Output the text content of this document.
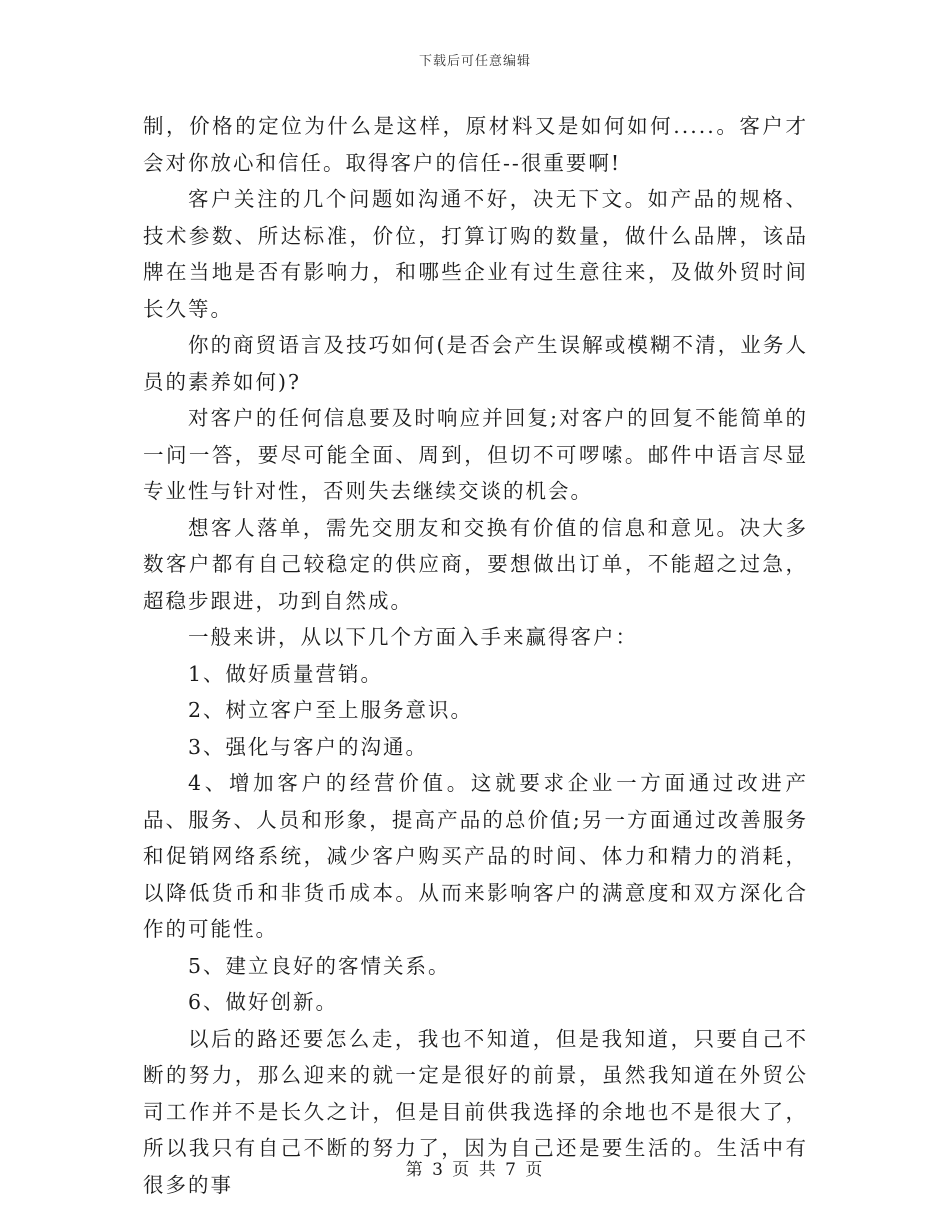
下载后可任意编辑

制，价格的定位为什么是这样，原材料又是如何如何.....。客户才会对你放心和信任。取得客户的信任--很重要啊!

客户关注的几个问题如沟通不好，决无下文。如产品的规格、技术参数、所达标准，价位，打算订购的数量，做什么品牌，该品牌在当地是否有影响力，和哪些企业有过生意往来，及做外贸时间长久等。

你的商贸语言及技巧如何(是否会产生误解或模糊不清，业务人员的素养如何)?

对客户的任何信息要及时响应并回复;对客户的回复不能简单的一问一答，要尽可能全面、周到，但切不可啰嗦。邮件中语言尽显专业性与针对性，否则失去继续交谈的机会。

想客人落单，需先交朋友和交换有价值的信息和意见。决大多数客户都有自己较稳定的供应商，要想做出订单，不能超之过急，超稳步跟进，功到自然成。

一般来讲，从以下几个方面入手来赢得客户：

1、做好质量营销。

2、树立客户至上服务意识。

3、强化与客户的沟通。

4、增加客户的经营价值。这就要求企业一方面通过改进产品、服务、人员和形象，提高产品的总价值;另一方面通过改善服务和促销网络系统，减少客户购买产品的时间、体力和精力的消耗，以降低货币和非货币成本。从而来影响客户的满意度和双方深化合作的可能性。

5、建立良好的客情关系。

6、做好创新。

以后的路还要怎么走，我也不知道，但是我知道，只要自己不断的努力，那么迎来的就一定是很好的前景，虽然我知道在外贸公司工作并不是长久之计，但是目前供我选择的余地也不是很大了，所以我只有自己不断的努力了，因为自己还是要生活的。生活中有很多的事

第 3 页 共 7 页
